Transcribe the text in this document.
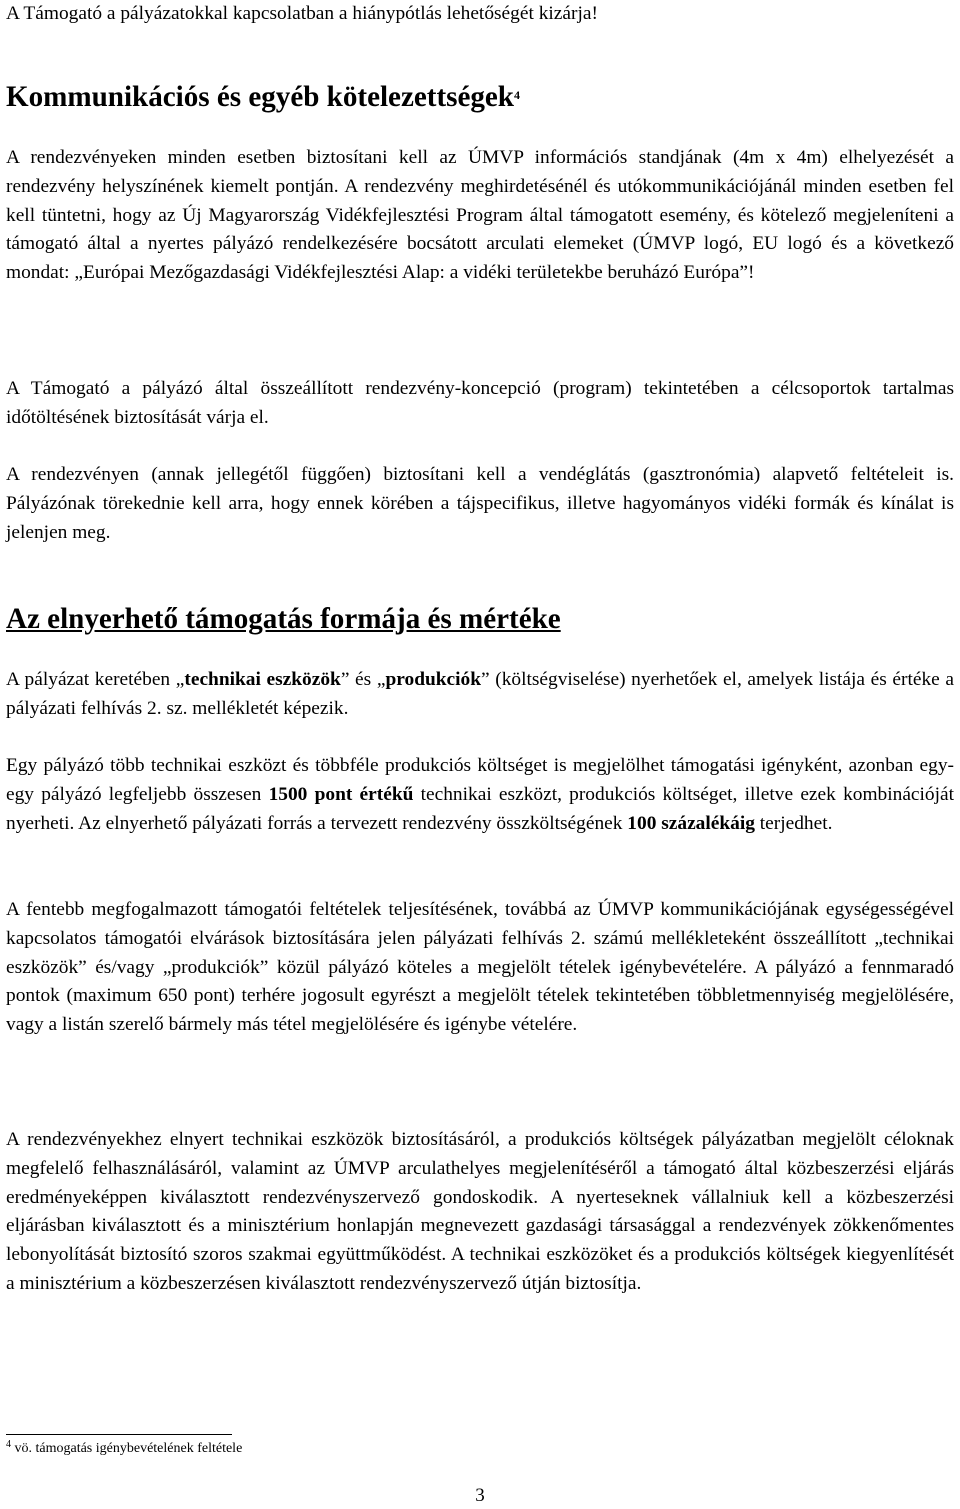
A Támogató a pályázatokkal kapcsolatban a hiánypótlás lehetőségét kizárja!

Kommunikációs és egyéb kötelezettségek$^4$

A rendezvényeken minden esetben biztosítani kell az ÚMVP információs standjának (4m x 4m) elhelyezését a rendezvény helyszínének kiemelt pontján. A rendezvény meghirdetésénél és utókommunikációjánál minden esetben fel kell tüntetni, hogy az Új Magyarország Vidékfejlesztési Program által támogatott esemény, és kötelező megjeleníteni a támogató által a nyertes pályázó rendelkezésére bocsátott arculati elemeket (ÚMVP logó, EU logó és a következő mondat: „Európai Mezőgazdasági Vidékfejlesztési Alap: a vidéki területekbe beruházó Európa”!

A Támogató a pályázó által összeállított rendezvény-koncepció (program) tekintetében a célcsoportok tartalmas időtöltésének biztosítását várja el.

A rendezvényen (annak jellegétől függően) biztosítani kell a vendéglátás (gasztronómia) alapvető feltételeit is. Pályázónak törekednie kell arra, hogy ennek körében a tájspecifikus, illetve hagyományos vidéki formák és kínálat is jelenjen meg.

Az elnyerhető támogatás formája és mértéke

A pályázat keretében „technikai eszközök” és „produkciók” (költségviselése) nyerhetőek el, amelyek listája és értéke a pályázati felhívás 2. sz. mellékletét képezik.

Egy pályázó több technikai eszközt és többféle produkciós költséget is megjelölhet támogatási igényként, azonban egy-egy pályázó legfeljebb összesen 1500 pont értékű technikai eszközt, produkciós költséget, illetve ezek kombinációját nyerheti. Az elnyerhető pályázati forrás a tervezett rendezvény összköltségének 100 százalékáig terjedhet.

A fentebb megfogalmazott támogatói feltételek teljesítésének, továbbá az ÚMVP kommunikációjának egységességével kapcsolatos támogatói elvárások biztosítására jelen pályázati felhívás 2. számú mellékleteként összeállított „technikai eszközök” és/vagy „produkciók” közül pályázó köteles a megjelölt tételek igénybevételére. A pályázó a fennmaradó pontok (maximum 650 pont) terhére jogosult egyrészt a megjelölt tételek tekintetében többletmennyiség megjelölésére, vagy a listán szerelő bármely más tétel megjelölésére és igénybe vételére.

A rendezvényekhez elnyert technikai eszközök biztosításáról, a produkciós költségek pályázatban megjelölt céloknak megfelelő felhasználásáról, valamint az ÚMVP arculathelyes megjelenítéséről a támogató által közbeszerzési eljárás eredményeképpen kiválasztott rendezvényszervező gondoskodik. A nyerteseknek vállalniuk kell a közbeszerzési eljárásban kiválasztott és a minisztérium honlapján megnevezett gazdasági társasággal a rendezvények zökkenőmentes lebonyolítását biztosító szoros szakmai együttműködést. A technikai eszközöket és a produkciós költségek kiegyenlítését a minisztérium a közbeszerzésen kiválasztott rendezvényszervező útján biztosítja.

$^4$ vö. támogatás igénybevételének feltétele
3
